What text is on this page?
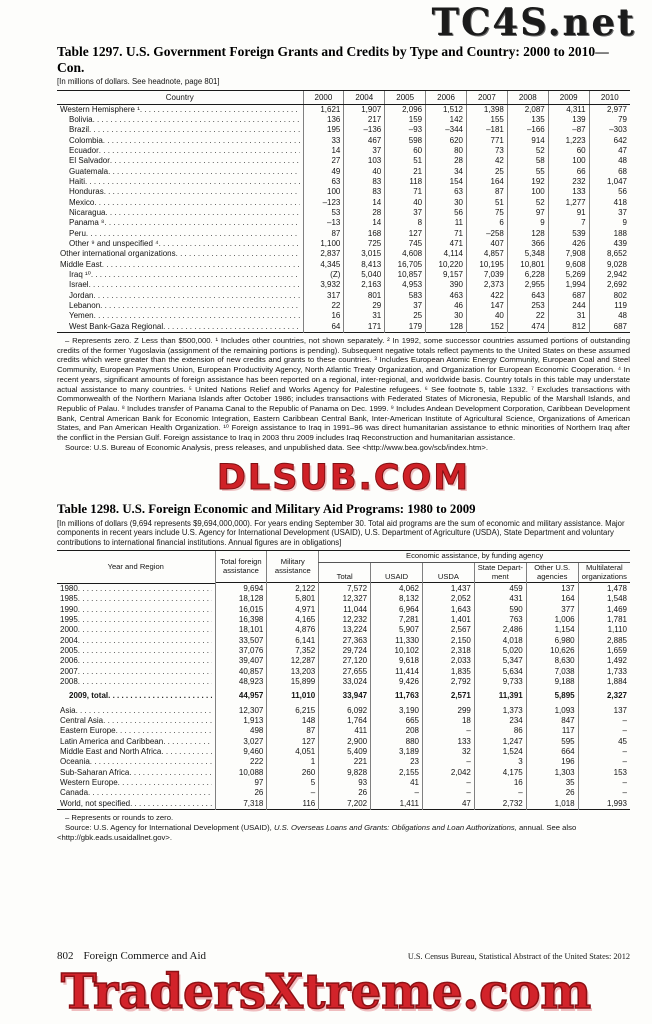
TC4S.net
Table 1297. U.S. Government Foreign Grants and Credits by Type and Country: 2000 to 2010—Con.

[In millions of dollars. See headnote, page 801]

Country	2000	2004	2005	2006	2007	2008	2009	2010

Western Hemisphere ¹ . . .	1,621	1,907	2,096	1,512	1,398	2,087	4,311	2,977

Bolivia . . .	136	217	159	142	155	135	139	79

Brazil . . .	195	–136	–93	–344	–181	–166	–87	–303

Colombia . . .	33	467	598	620	771	914	1,223	642

Ecuador . . .	14	37	60	80	73	52	60	47

El Salvador . . .	27	103	51	28	42	58	100	48

Guatemala . . .	49	40	21	34	25	55	66	68

Haiti . . .	63	83	118	154	164	192	232	1,047

Honduras . . .	100	83	71	63	87	100	133	56

Mexico . . .	–123	14	40	30	51	52	1,277	418

Nicaragua . . .	53	28	37	56	75	97	91	37

Panama ⁸ . . .	–13	14	8	11	6	9	7	9

Peru . . .	87	168	127	71	–258	128	539	188

Other ⁹ and unspecified ⁴ . . .	1,100	725	745	471	407	366	426	439

Other international organizations . . .	2,837	3,015	4,608	4,114	4,857	5,348	7,908	8,652

Middle East . . .	4,345	8,413	16,705	10,220	10,195	10,801	9,608	9,028

Iraq ¹⁰ . . .	(Z)	5,040	10,857	9,157	7,039	6,228	5,269	2,942

Israel . . .	3,932	2,163	4,953	390	2,373	2,955	1,994	2,692

Jordan . . .	317	801	583	463	422	643	687	802

Lebanon . . .	22	29	37	46	147	253	244	119

Yemen . . .	16	31	25	30	40	22	31	48

West Bank-Gaza Regional . . .	64	171	179	128	152	474	812	687

– Represents zero. Z Less than $500,000. ¹ Includes other countries, not shown separately. ² In 1992, some successor countries assumed portions of outstanding credits of the former Yugoslavia (assignment of the remaining portions is pending). Subsequent negative totals reflect payments to the United States on these assumed credits which were greater than the extension of new credits and grants to these countries. ³ Includes European Atomic Energy Community, European Coal and Steel Community, European Payments Union, European Productivity Agency, North Atlantic Treaty Organization, and Organization for European Economic Cooperation. ⁴ In recent years, significant amounts of foreign assistance has been reported on a regional, inter-regional, and worldwide basis. Country totals in this table may understate actual assistance to many countries. ⁵ United Nations Relief and Works Agency for Palestine refugees. ⁶ See footnote 5, table 1332. ⁷ Excludes transactions with Commonwealth of the Northern Mariana Islands after October 1986; includes transactions with Federated States of Micronesia, Republic of the Marshall Islands, and Republic of Palau. ⁸ Includes transfer of Panama Canal to the Republic of Panama on Dec. 1999. ⁹ Includes Andean Development Corporation, Caribbean Development Bank, Central American Bank for Economic Integration, Eastern Caribbean Central Bank, Inter-American Institute of Agricultural Science, Organizations of American States, and Pan American Health Organization. ¹⁰ Foreign assistance to Iraq in 1991–96 was direct humanitarian assistance to ethnic minorities of Northern Iraq after the conflict in the Persian Gulf. Foreign assistance to Iraq in 2003 thru 2009 includes Iraq Reconstruction and humanitarian assistance.

Source: U.S. Bureau of Economic Analysis, press releases, and unpublished data. See <http://www.bea.gov/scb/index.htm>.

DLSUB.COM
Table 1298. U.S. Foreign Economic and Military Aid Programs: 1980 to 2009

[In millions of dollars (9,694 represents $9,694,000,000). For years ending September 30. Total aid programs are the sum of economic and military assistance. Major components in recent years include U.S. Agency for International Development (USAID), U.S. Department of Agriculture (USDA), State Department and voluntary contributions to international financial institutions. Annual figures are in obligations]

Year and Region	Total foreign assistance	Military assistance	Economic assistance, by funding agency					
			Total	USAID	USDA	State Department	Other U.S. agencies	Multilateral organizations

1980 . . .	9,694	2,122	7,572	4,062	1,437	459	137	1,478

1985 . . .	18,128	5,801	12,327	8,132	2,052	431	164	1,548

1990 . . .	16,015	4,971	11,044	6,964	1,643	590	377	1,469

1995 . . .	16,398	4,165	12,232	7,281	1,401	763	1,006	1,781

2000 . . .	18,101	4,876	13,224	5,907	2,567	2,486	1,154	1,110

2004 . . .	33,507	6,141	27,363	11,330	2,150	4,018	6,980	2,885

2005 . . .	37,076	7,352	29,724	10,102	2,318	5,020	10,626	1,659

2006 . . .	39,407	12,287	27,120	9,618	2,033	5,347	8,630	1,492

2007 . . .	40,857	13,203	27,655	11,414	1,835	5,634	7,038	1,733

2008 . . .	48,923	15,899	33,024	9,426	2,792	9,733	9,188	1,884

2009, total . . .	44,957	11,010	33,947	11,763	2,571	11,391	5,895	2,327

Asia . . .	12,307	6,215	6,092	3,190	299	1,373	1,093	137

Central Asia . . .	1,913	148	1,764	665	18	234	847	–

Eastern Europe . . .	498	87	411	208	–	86	117	–

Latin America and Caribbean . . .	3,027	127	2,900	880	133	1,247	595	45

Middle East and North Africa . . .	9,460	4,051	5,409	3,189	32	1,524	664	–

Oceania . . .	222	1	221	23	–	3	196	–

Sub-Saharan Africa . . .	10,088	260	9,828	2,155	2,042	4,175	1,303	153

Western Europe . . .	97	5	93	41	–	16	35	–

Canada . . .	26	–	26	–	–	–	26	–

World, not specified . . .	7,318	116	7,202	1,411	47	2,732	1,018	1,993

– Represents or rounds to zero.

Source: U.S. Agency for International Development (USAID), U.S. Overseas Loans and Grants: Obligations and Loan Authorizations, annual. See also <http://gbk.eads.usaidallnet.gov>.

802 Foreign Commerce and Aid	U.S. Census Bureau, Statistical Abstract of the United States: 2012
TradersXtreme.com
